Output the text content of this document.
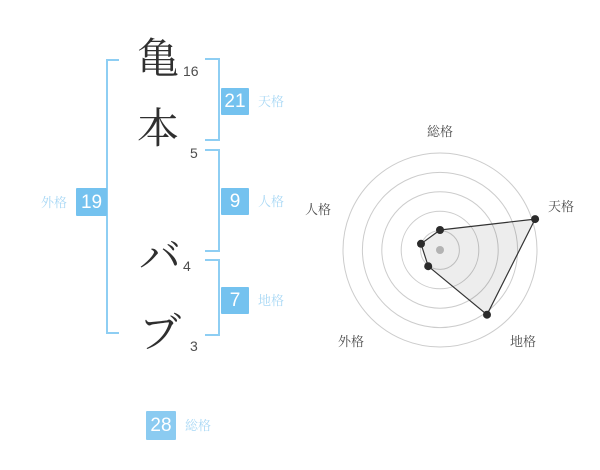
亀 16
本
5
バ 4
ブ 3
外格 19
21 天格
9	人格
7	地格
28	総格
総格
天格
地格
外格
人格
